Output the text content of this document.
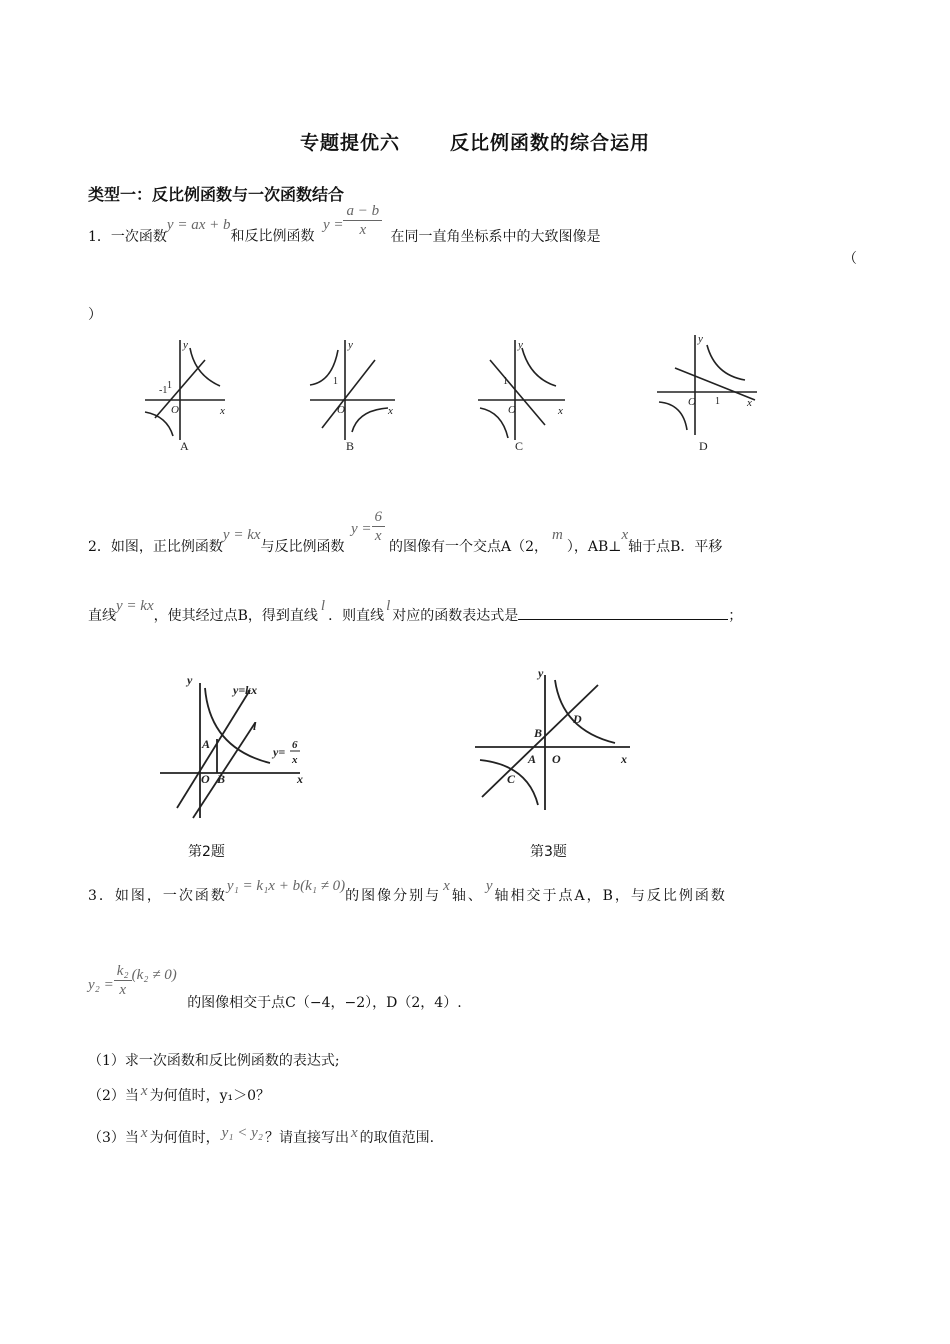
专题提优六	反比例函数的综合运用
类型一：反比例函数与一次函数结合
1．一次函数y = ax + b和反比例函数 $y = \frac{a - b}{x}$ 在同一直角坐标系中的大致图像是
（
）
y
x
O
y
x
O
y
x
O
y
x
O
1
-1
1	1
1
A	B	C	D
2．如图，正比例函数y = kx与反比例函数 $y = \frac{6}{x}$
的图像有一个交点A（2，m），AB⊥x轴于点B．平移
直线y = kx，使其经过点B，得到直线l．则直线l对应的函数表达式是	；
y
x
y=kx
l
A
O B
y= 6
x
第2题
y
x
B
A O
D
C
第3题
3．如图，一次函数y₁ = k₁x + b(k₁ ≠ 0)的图像分别与x轴、y轴相交于点A，B，与反比例函数
$y_2 = \frac{\text{k₂}}{x} (k_2 \ne 0)$ 的图像相交于点C（−4，−2），D（2，4）.
（1）求一次函数和反比例函数的表达式;
（2）当 x 为何值时，y₁＞0？
（3）当 x 为何值时， y₁ < y₂ ？请直接写出 x 的取值范围.
